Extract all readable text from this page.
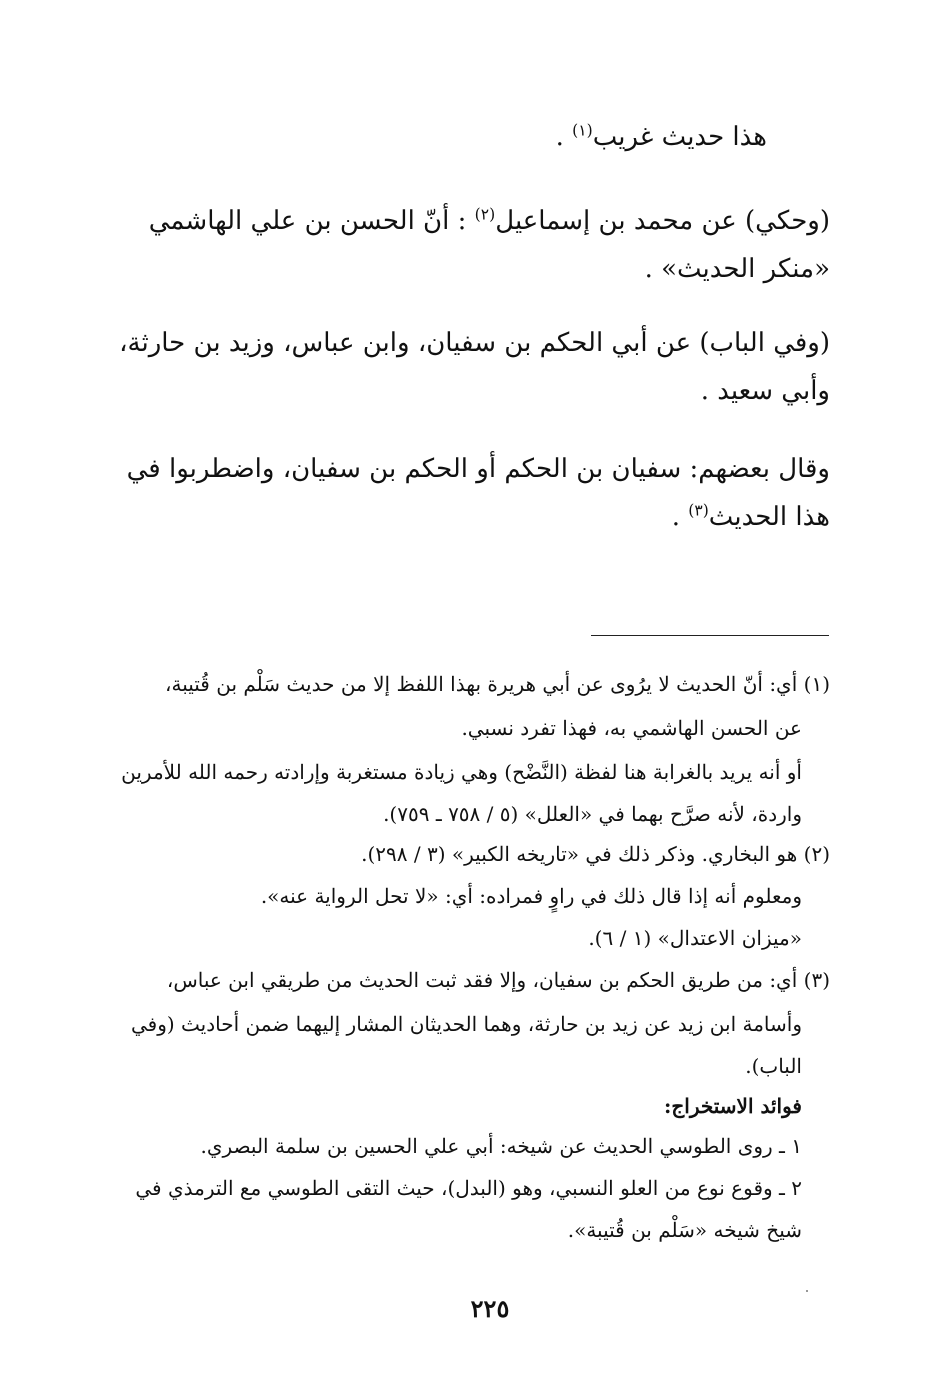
هذا حديث غريب$^{(١)}$ .
(وحكي) عن محمد بن إسماعيل$^{(٢)}$ : أنّ الحسن بن علي الهاشمي
«منكر الحديث» .
(وفي الباب) عن أبي الحكم بن سفيان، وابن عباس، وزيد بن حارثة،
وأبي سعيد .
وقال بعضهم: سفيان بن الحكم أو الحكم بن سفيان، واضطربوا في
هذا الحديث$^{(٣)}$ .
(١) أي: أنّ الحديث لا يرُوى عن أبي هريرة بهذا اللفظ إلا من حديث سَلْم بن قُتيبة،
عن الحسن الهاشمي به، فهذا تفرد نسبي.
أو أنه يريد بالغرابة هنا لفظة (النَّضْح) وهي زيادة مستغربة وإرادته رحمه الله للأمرين
واردة، لأنه صرَّح بهما في «العلل» (٥ / ٧٥٨ ـ ٧٥٩).
(٢) هو البخاري. وذكر ذلك في «تاريخه الكبير» (٣ / ٢٩٨).
ومعلوم أنه إذا قال ذلك في راوٍ فمراده: أي: «لا تحل الرواية عنه».
«ميزان الاعتدال» (١ / ٦).
(٣) أي: من طريق الحكم بن سفيان، وإلا فقد ثبت الحديث من طريقي ابن عباس،
وأسامة ابن زيد عن زيد بن حارثة، وهما الحديثان المشار إليهما ضمن أحاديث (وفي
الباب).
فوائد الاستخراج:
١ ـ روى الطوسي الحديث عن شيخه: أبي علي الحسين بن سلمة البصري.
٢ ـ وقوع نوع من العلو النسبي، وهو (البدل)، حيث التقى الطوسي مع الترمذي في
شيخ شيخه «سَلْم بن قُتيبة».
٢٢٥
